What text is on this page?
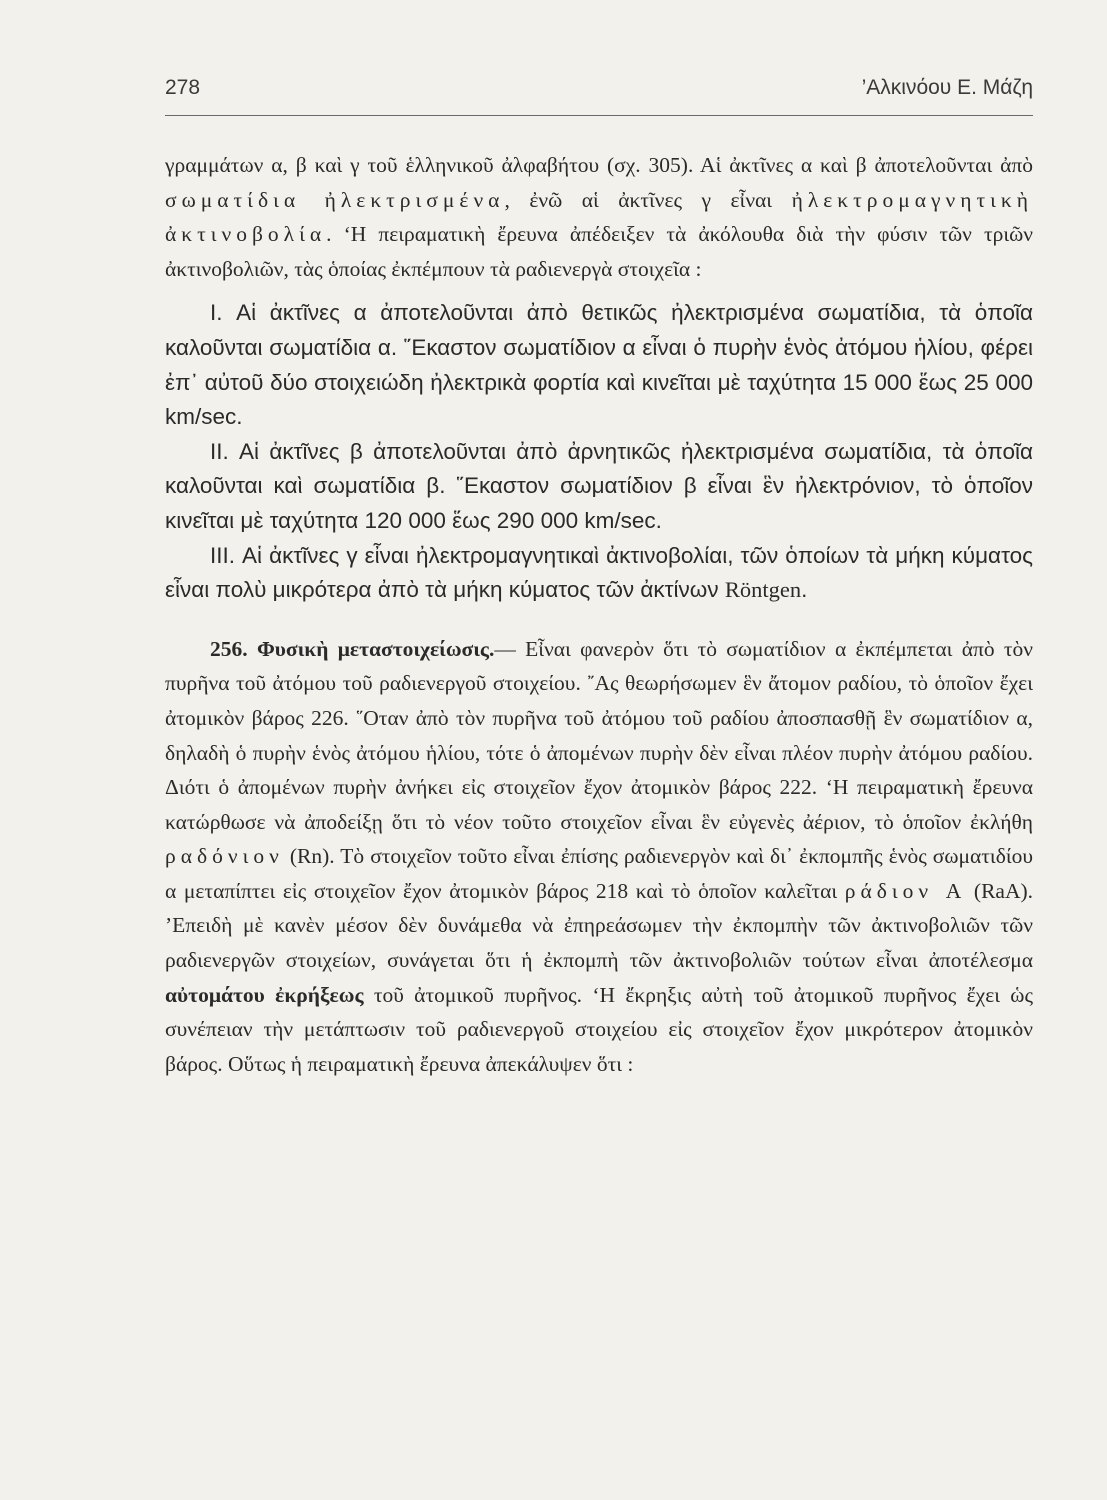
278	’Αλκινόου Ε. Μάζη

γραμμάτων α, β καὶ γ τοῦ ἑλληνικοῦ ἀλφαβήτου (σχ. 305). Αἱ ἀκτῖνες α καὶ β ἀποτελοῦνται ἀπὸ σωματίδια ἠλεκτρισμένα, ἐνῶ αἱ ἀκτῖνες γ εἶναι ἠλεκτρομαγνητικὴ ἀκτινοβολία. ‘Η πειραματικὴ ἔρευνα ἀπέδειξεν τὰ ἀκόλουθα διὰ τὴν φύσιν τῶν τριῶν ἀκτινοβολιῶν, τὰς ὁποίας ἐκπέμπουν τὰ ραδιενεργὰ στοιχεῖα :

I. Αἱ ἀκτῖνες α ἀποτελοῦνται ἀπὸ θετικῶς ἠλεκτρισμένα σωματίδια, τὰ ὁποῖα καλοῦνται σωματίδια α. ῞Εκαστον σωματίδιον α εἶναι ὁ πυρὴν ἑνὸς ἀτόμου ἡλίου, φέρει ἐπ᾽ αὐτοῦ δύο στοιχειώδη ἠλεκτρικὰ φορτία καὶ κινεῖται μὲ ταχύτητα 15 000 ἕως 25 000 km/sec.

II. Αἱ ἀκτῖνες β ἀποτελοῦνται ἀπὸ ἀρνητικῶς ἠλεκτρισμένα σωματίδια, τὰ ὁποῖα καλοῦνται καὶ σωματίδια β. ῞Εκαστον σωματίδιον β εἶναι ἓν ἠλεκτρόνιον, τὸ ὁποῖον κινεῖται μὲ ταχύτητα 120 000 ἕως 290 000 km/sec.

III. Αἱ ἀκτῖνες γ εἶναι ἠλεκτρομαγνητικαὶ ἀκτινοβολίαι, τῶν ὁποίων τὰ μήκη κύματος εἶναι πολὺ μικρότερα ἀπὸ τὰ μήκη κύματος τῶν ἀκτίνων Röntgen.

256. Φυσικὴ μεταστοιχείωσις.— Εἶναι φανερὸν ὅτι τὸ σωματίδιον α ἐκπέμπεται ἀπὸ τὸν πυρῆνα τοῦ ἀτόμου τοῦ ραδιενεργοῦ στοιχείου. ῎Ας θεωρήσωμεν ἓν ἄτομον ραδίου, τὸ ὁποῖον ἔχει ἀτομικὸν βάρος 226. ῞Οταν ἀπὸ τὸν πυρῆνα τοῦ ἀτόμου τοῦ ραδίου ἀποσπασθῇ ἓν σωματίδιον α, δηλαδὴ ὁ πυρὴν ἑνὸς ἀτόμου ἡλίου, τότε ὁ ἀπομένων πυρὴν δὲν εἶναι πλέον πυρὴν ἀτόμου ραδίου. Διότι ὁ ἀπομένων πυρὴν ἀνήκει εἰς στοιχεῖον ἔχον ἀτομικὸν βάρος 222. ‘Η πειραματικὴ ἔρευνα κατώρθωσε νὰ ἀποδείξῃ ὅτι τὸ νέον τοῦτο στοιχεῖον εἶναι ἓν εὐγενὲς ἀέριον, τὸ ὁποῖον ἐκλήθη ραδόνιον (Rn). Τὸ στοιχεῖον τοῦτο εἶναι ἐπίσης ραδιενεργὸν καὶ δι᾽ ἐκπομπῆς ἑνὸς σωματιδίου α μεταπίπτει εἰς στοιχεῖον ἔχον ἀτομικὸν βάρος 218 καὶ τὸ ὁποῖον καλεῖται ράδιον A (RaA). ’Επειδὴ μὲ κανὲν μέσον δὲν δυνάμεθα νὰ ἐπηρεάσωμεν τὴν ἐκπομπὴν τῶν ἀκτινοβολιῶν τῶν ραδιενεργῶν στοιχείων, συνάγεται ὅτι ἡ ἐκπομπὴ τῶν ἀκτινοβολιῶν τούτων εἶναι ἀποτέλεσμα αὐτομάτου ἐκρήξεως τοῦ ἀτομικοῦ πυρῆνος. ‘Η ἔκρηξις αὐτὴ τοῦ ἀτομικοῦ πυρῆνος ἔχει ὡς συνέπειαν τὴν μετάπτωσιν τοῦ ραδιενεργοῦ στοιχείου εἰς στοιχεῖον ἔχον μικρότερον ἀτομικὸν βάρος. Οὕτως ἡ πειραματικὴ ἔρευνα ἀπεκάλυψεν ὅτι :
